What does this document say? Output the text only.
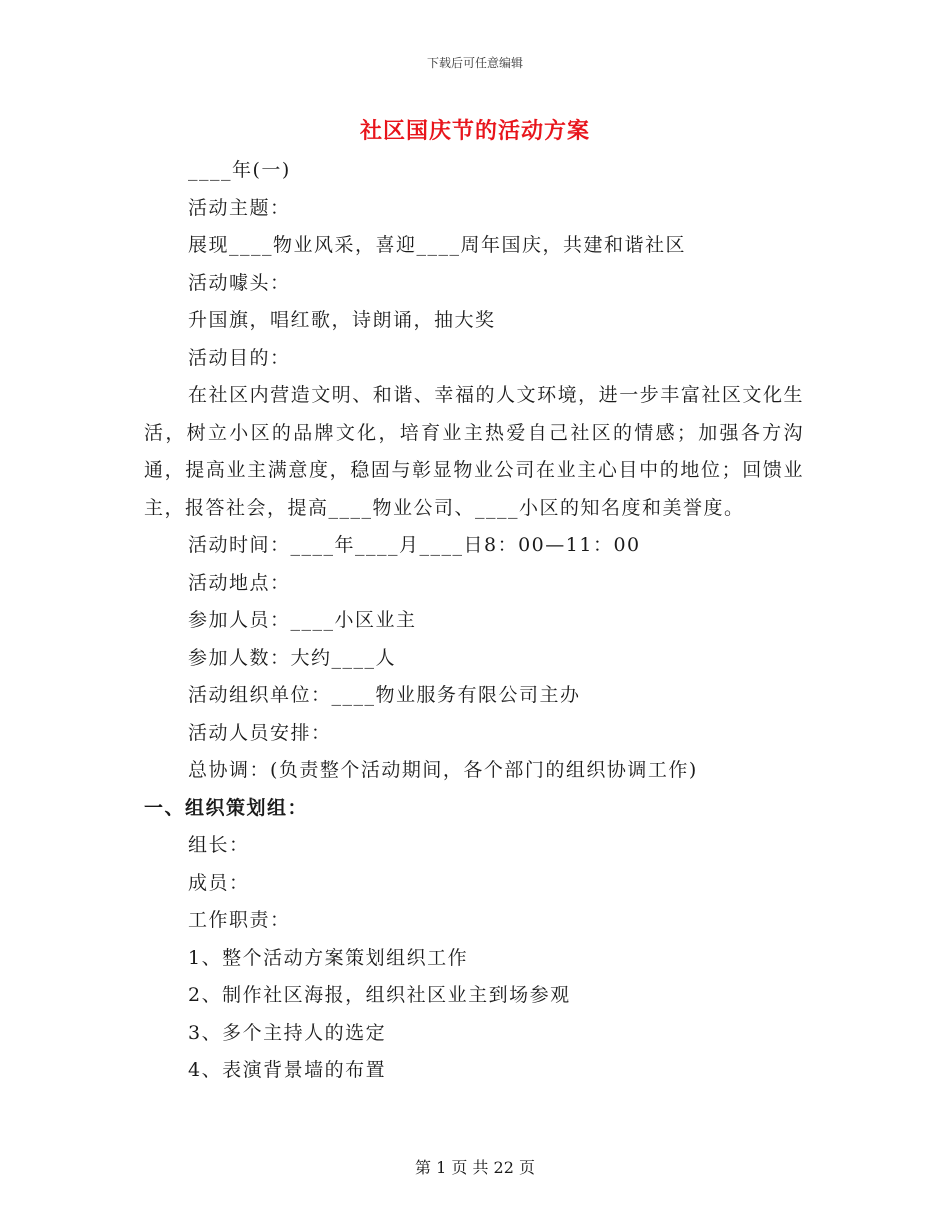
下载后可任意编辑
社区国庆节的活动方案
____年(一)
活动主题：
展现____物业风采，喜迎____周年国庆，共建和谐社区
活动噱头：
升国旗，唱红歌，诗朗诵，抽大奖
活动目的：

在社区内营造文明、和谐、幸福的人文环境，进一步丰富社区文化生活，树立小区的品牌文化，培育业主热爱自己社区的情感；加强各方沟通，提高业主满意度，稳固与彰显物业公司在业主心目中的地位；回馈业主，报答社会，提高____物业公司、____小区的知名度和美誉度。

活动时间：____年____月____日8：00—11：00
活动地点：
参加人员：____小区业主
参加人数：大约____人
活动组织单位：____物业服务有限公司主办
活动人员安排：
总协调：(负责整个活动期间，各个部门的组织协调工作)
一、组织策划组：
组长：
成员：
工作职责：
1、整个活动方案策划组织工作
2、制作社区海报，组织社区业主到场参观
3、多个主持人的选定
4、表演背景墙的布置
第 1 页 共 22 页
